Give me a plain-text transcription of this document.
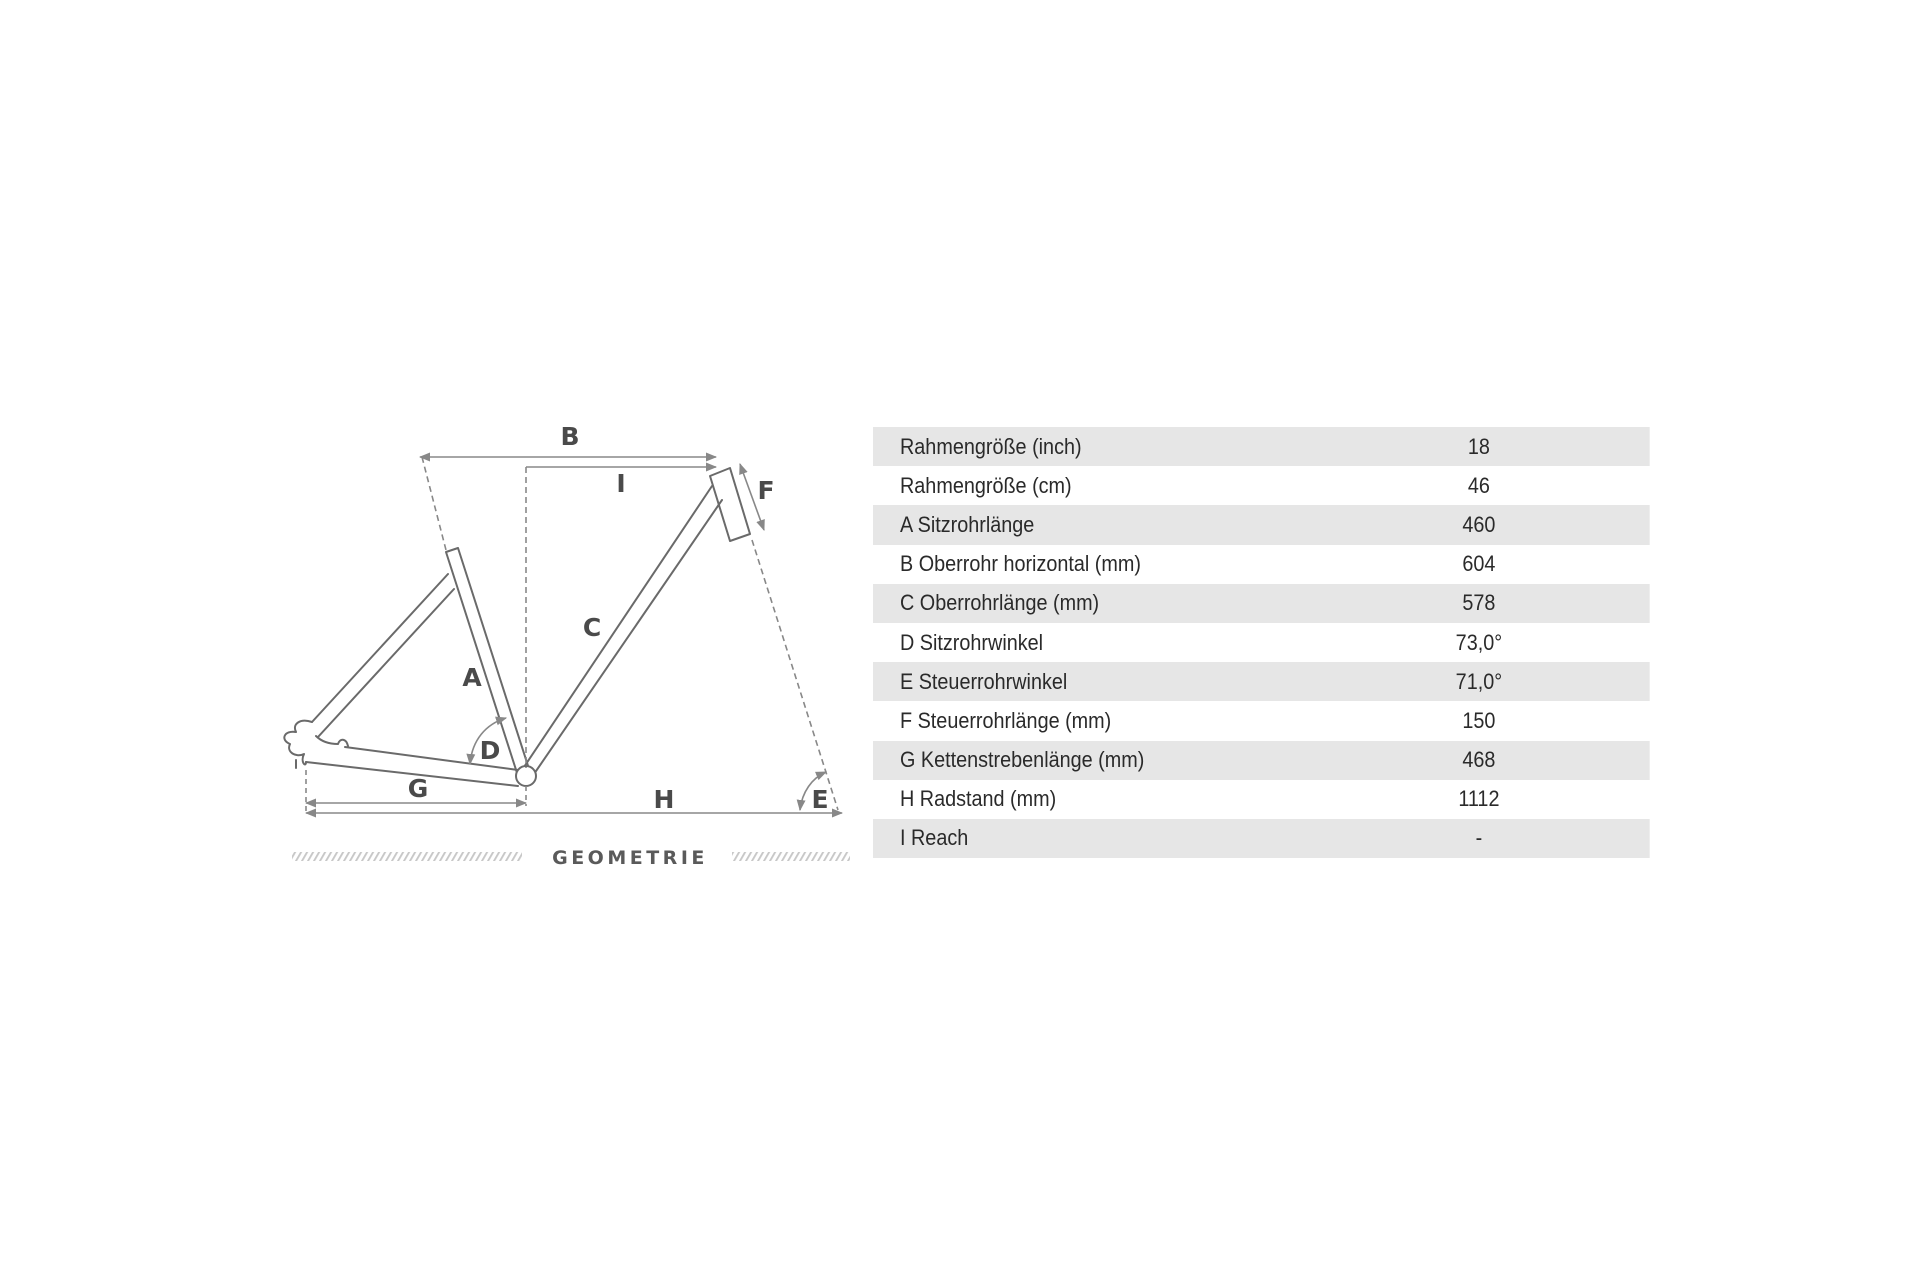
B
I	F
C
A
D
G	H	E
GEOMETRIE
Rahmengröße (inch)	18
Rahmengröße (cm)	46
A Sitzrohrlänge	460
B Oberrohr horizontal (mm)	604
C Oberrohrlänge (mm)	578
D Sitzrohrwinkel	73,0°
E Steuerrohrwinkel	71,0°
F Steuerrohrlänge (mm)	150
G Kettenstrebenlänge (mm)	468
H Radstand (mm)	1112
I Reach	-
